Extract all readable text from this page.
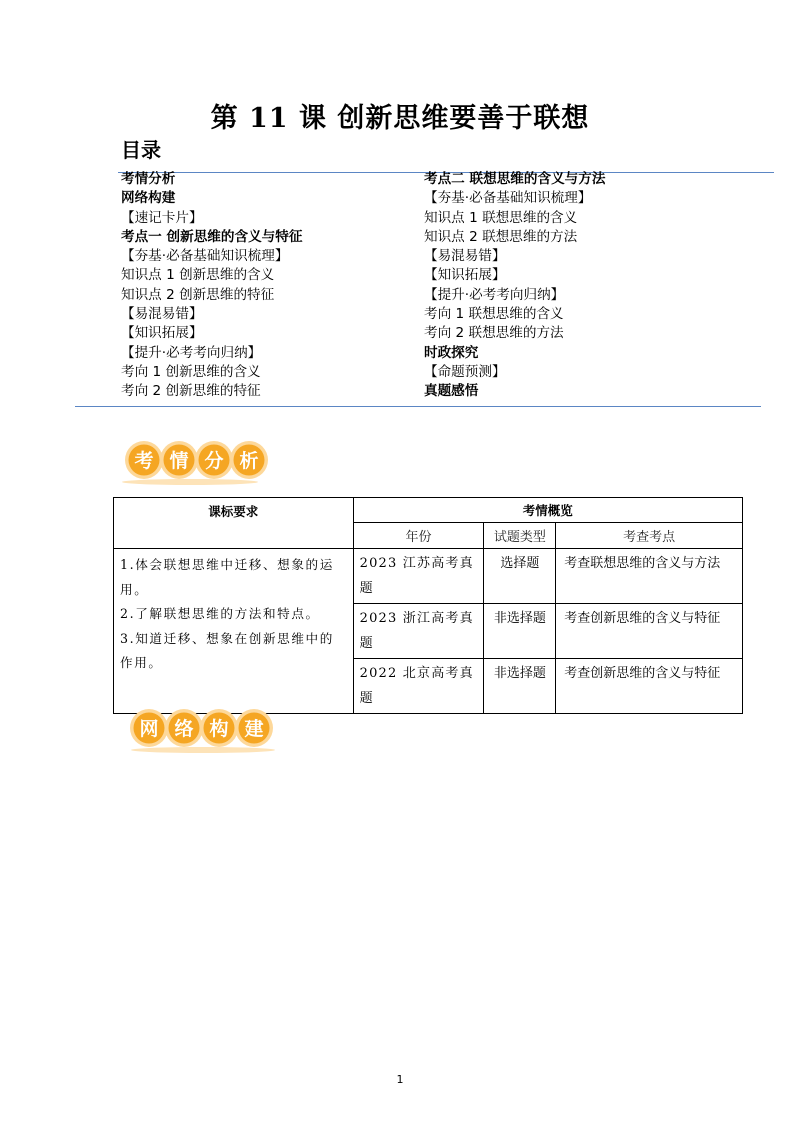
第 11 课 创新思维要善于联想
目录
考情分析
网络构建
【速记卡片】
考点一 创新思维的含义与特征
【夯基·必备基础知识梳理】
知识点 1 创新思维的含义
知识点 2 创新思维的特征
【易混易错】
【知识拓展】
【提升·必考考向归纳】
考向 1 创新思维的含义
考向 2 创新思维的特征
考点二 联想思维的含义与方法
【夯基·必备基础知识梳理】
知识点 1 联想思维的含义
知识点 2 联想思维的方法
【易混易错】
【知识拓展】
【提升·必考考向归纳】
考向 1 联想思维的含义
考向 2 联想思维的方法
时政探究
【命题预测】
真题感悟
考 情 分 析
课标要求	考情概览		
	年份	试题类型	考查考点

1.体会联想思维中迁移、想象的运用。
2.了解联想思维的方法和特点。
3.知道迁移、想象在创新思维中的作用。	2023 江苏高考真题	选择题	考查联想思维的含义与方法
	2023 浙江高考真题	非选择题	考查创新思维的含义与特征
	2022 北京高考真题	非选择题	考查创新思维的含义与特征
网 络 构 建
1
